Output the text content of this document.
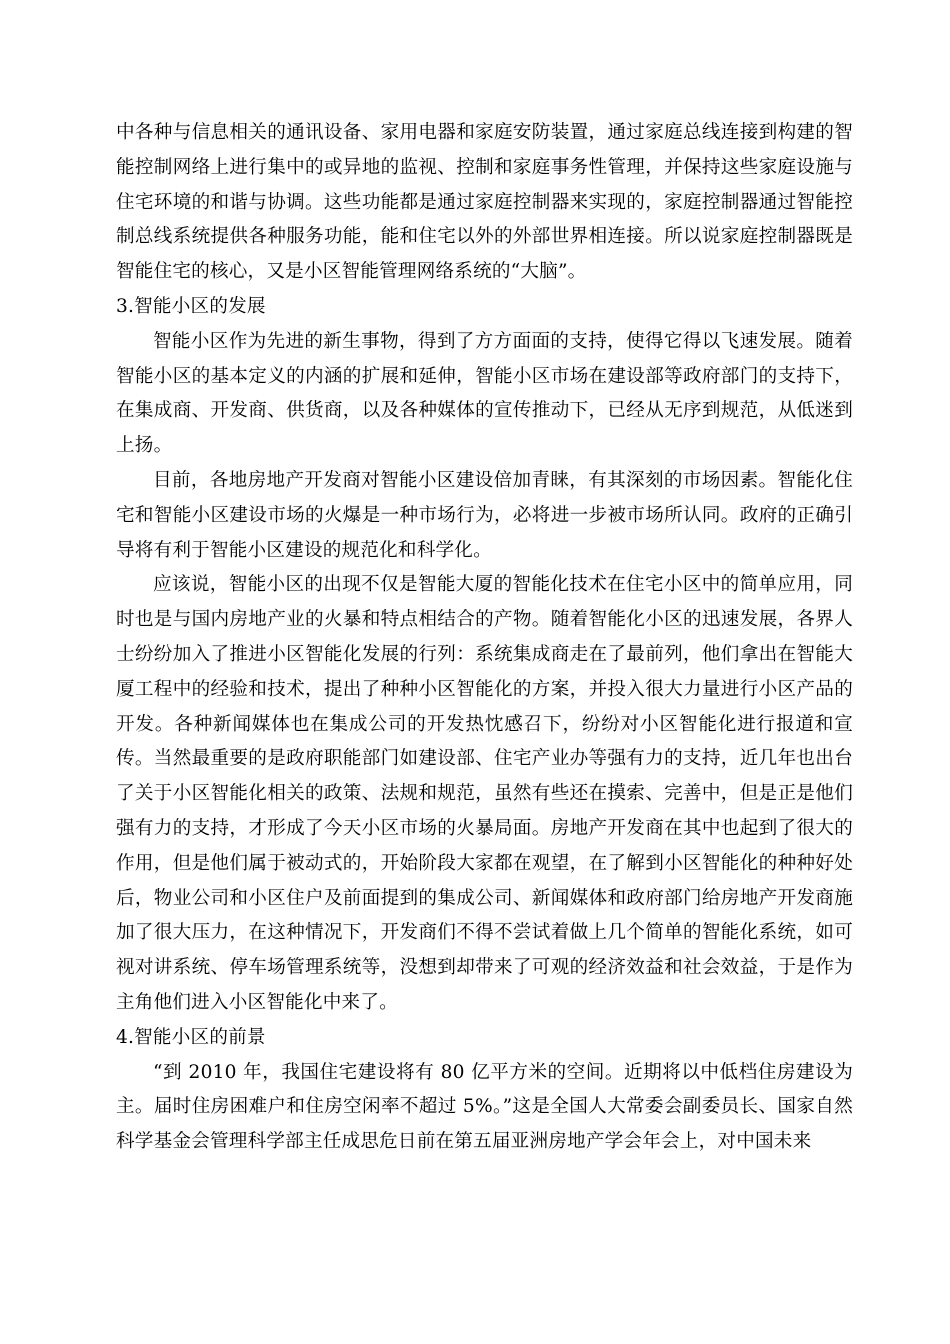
中各种与信息相关的通讯设备、家用电器和家庭安防装置，通过家庭总线连接到构建的智能控制网络上进行集中的或异地的监视、控制和家庭事务性管理，并保持这些家庭设施与住宅环境的和谐与协调。这些功能都是通过家庭控制器来实现的，家庭控制器通过智能控制总线系统提供各种服务功能，能和住宅以外的外部世界相连接。所以说家庭控制器既是智能住宅的核心，又是小区智能管理网络系统的“大脑”。

3.智能小区的发展

智能小区作为先进的新生事物，得到了方方面面的支持，使得它得以飞速发展。随着智能小区的基本定义的内涵的扩展和延伸，智能小区市场在建设部等政府部门的支持下，在集成商、开发商、供货商，以及各种媒体的宣传推动下，已经从无序到规范，从低迷到上扬。

目前，各地房地产开发商对智能小区建设倍加青睐，有其深刻的市场因素。智能化住宅和智能小区建设市场的火爆是一种市场行为，必将进一步被市场所认同。政府的正确引导将有利于智能小区建设的规范化和科学化。

应该说，智能小区的出现不仅是智能大厦的智能化技术在住宅小区中的简单应用，同时也是与国内房地产业的火暴和特点相结合的产物。随着智能化小区的迅速发展，各界人士纷纷加入了推进小区智能化发展的行列：系统集成商走在了最前列，他们拿出在智能大厦工程中的经验和技术，提出了种种小区智能化的方案，并投入很大力量进行小区产品的开发。各种新闻媒体也在集成公司的开发热忱感召下，纷纷对小区智能化进行报道和宣传。当然最重要的是政府职能部门如建设部、住宅产业办等强有力的支持，近几年也出台了关于小区智能化相关的政策、法规和规范，虽然有些还在摸索、完善中，但是正是他们强有力的支持，才形成了今天小区市场的火暴局面。房地产开发商在其中也起到了很大的作用，但是他们属于被动式的，开始阶段大家都在观望，在了解到小区智能化的种种好处后，物业公司和小区住户及前面提到的集成公司、新闻媒体和政府部门给房地产开发商施加了很大压力，在这种情况下，开发商们不得不尝试着做上几个简单的智能化系统，如可视对讲系统、停车场管理系统等，没想到却带来了可观的经济效益和社会效益，于是作为主角他们进入小区智能化中来了。

4.智能小区的前景

“到 2010 年，我国住宅建设将有 80 亿平方米的空间。近期将以中低档住房建设为主。届时住房困难户和住房空闲率不超过 5%。”这是全国人大常委会副委员长、国家自然科学基金会管理科学部主任成思危日前在第五届亚洲房地产学会年会上，对中国未来
